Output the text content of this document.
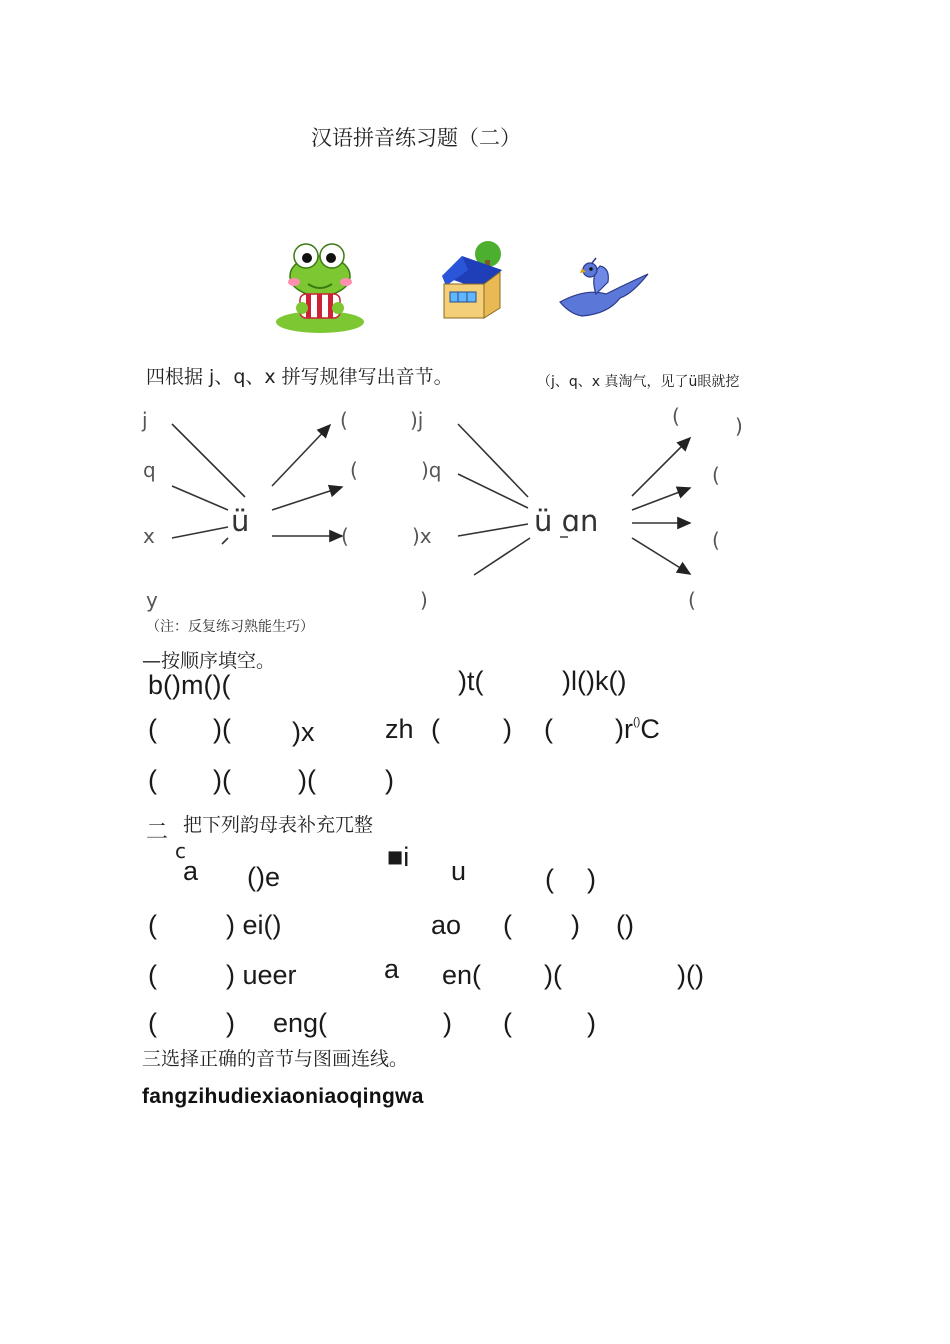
汉语拼音练习题（二）
四根据 j、q、x 拼写规律写出音节。	（j、q、x 真淘气，见了ü眼就挖
j
q
x
y
ü
(
(
(
)j
)q
)x
)
ü ɑn
(	)
(
(
(
（注：反复练习熟能生巧）
—按顺序填空。
b()m()(	)t(	)l()k()
( )( )x	zh ( ) ( )r()C
( )( )(	)
二
c
把下列韵母表补充兀整
a ()e
■i u	( )
(	) ei()	ao ( ) ()
(	) ueer	a en( )(	)()
(	) eng(	) (	)
三选择正确的音节与图画连线。
fangzihudiexiaoniaoqingwa
